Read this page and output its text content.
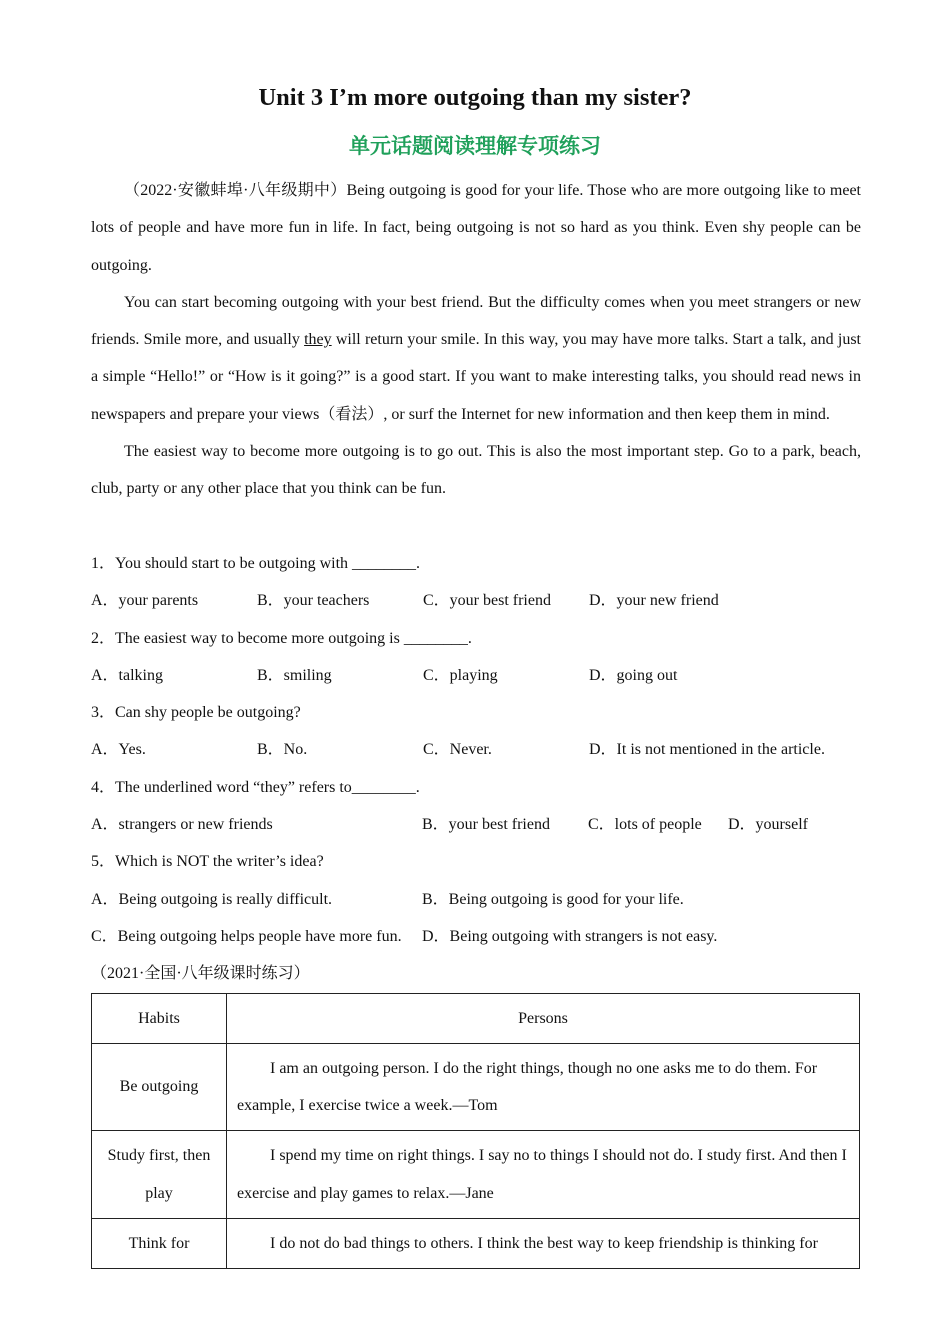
Unit 3 I’m more outgoing than my sister?
单元话题阅读理解专项练习

（2022·安徽蚌埠·八年级期中）Being outgoing is good for your life. Those who are more outgoing like to meet lots of people and have more fun in life. In fact, being outgoing is not so hard as you think. Even shy people can be outgoing.

You can start becoming outgoing with your best friend. But the difficulty comes when you meet strangers or new friends. Smile more, and usually they will return your smile. In this way, you may have more talks. Start a talk, and just a simple “Hello!” or “How is it going?” is a good start. If you want to make interesting talks, you should read news in newspapers and prepare your views（看法）, or surf the Internet for new information and then keep them in mind.

The easiest way to become more outgoing is to go out. This is also the most important step. Go to a park, beach, club, party or any other place that you think can be fun.

1．You should start to be outgoing with ________.

A．your parents	B．your teachers	C．your best friend	D．your new friend

2．The easiest way to become more outgoing is ________.

A．talking	B．smiling	C．playing	D．going out

3．Can shy people be outgoing?

A．Yes.	B．No.	C．Never.	D．It is not mentioned in the article.

4．The underlined word “they” refers to________.

A．strangers or new friends	B．your best friend	C．lots of people	D．yourself

5．Which is NOT the writer’s idea?

A．Being outgoing is really difficult.	B．Being outgoing is good for your life.
C．Being outgoing helps people have more fun.	D．Being outgoing with strangers is not easy.
（2021·全国·八年级课时练习）
Habits	Persons
Be outgoing	I am an outgoing person. I do the right things, though no one asks me to do them. For example, I exercise twice a week.—Tom

Study first, then play	I spend my time on right things. I say no to things I should not do. I study first. And then I exercise and play games to relax.—Jane

Think for	I do not do bad things to others. I think the best way to keep friendship is thinking for
